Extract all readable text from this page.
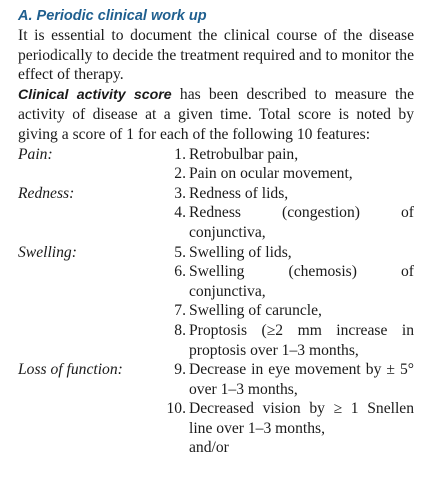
A. Periodic clinical work up

It is essential to document the clinical course of the disease periodically to decide the treatment required and to monitor the effect of therapy.

Clinical activity score has been described to measure the activity of disease at a given time. Total score is noted by giving a score of 1 for each of the following 10 features:

Pain:	1. Retrobulbar pain,
2. Pain on ocular movement,
Redness:	3. Redness of lids,
4. Redness (congestion) of conjunctiva,
Swelling:	5. Swelling of lids,
6. Swelling (chemosis) of conjunctiva,
7. Swelling of caruncle,
8. Proptosis (≥2 mm increase in proptosis over 1–3 months,
Loss of function:	9. Decrease in eye movement by ± 5° over 1–3 months,
10. Decreased vision by ≥ 1 Snellen line over 1–3 months,
and/or
